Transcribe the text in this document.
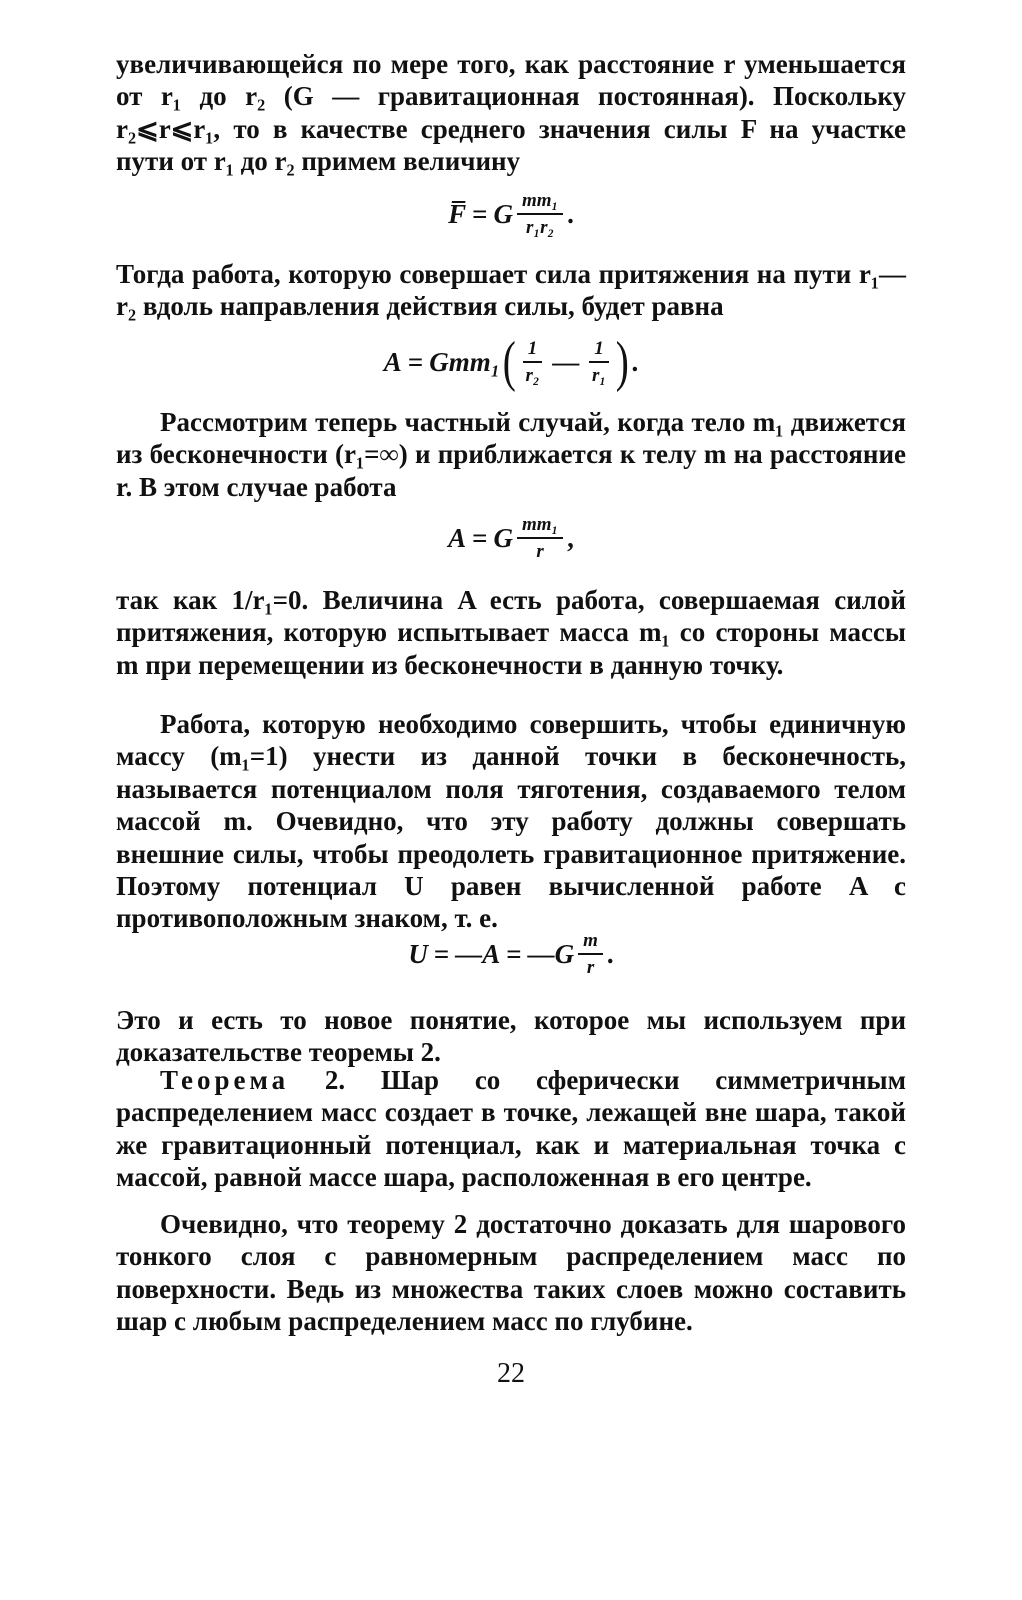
увеличивающейся по мере того, как расстояние r уменьшается от r₁ до r₂ (G — гравитационная постоянная). Поскольку r₂⩽r⩽r₁, то в качестве среднего значения силы F на участке пути от r₁ до r₂ примем величину

F̅ = G $\frac{\text{mm₁}}{\text{r₁r₂}}$ .

Тогда работа, которую совершает сила притяжения на пути r₁—r₂ вдоль направления действия силы, будет равна

A = Gmm₁ ( $\frac{1}{\text{r₂}}$ — $\frac{1}{\text{r₁}}$ ) .

Рассмотрим теперь частный случай, когда тело m₁ движется из бесконечности (r₁=∞) и приближается к телу m на расстояние r. В этом случае работа

A = G $\frac{\text{mm₁}}{r}$ ,

так как 1/r₁=0. Величина A есть работа, совершаемая силой притяжения, которую испытывает масса m₁ со стороны массы m при перемещении из бесконечности в данную точку.

Работа, которую необходимо совершить, чтобы единичную массу (m₁=1) унести из данной точки в бесконечность, называется потенциалом поля тяготения, создаваемого телом массой m. Очевидно, что эту работу должны совершать внешние силы, чтобы преодолеть гравитационное притяжение. Поэтому потенциал U равен вычисленной работе A с противоположным знаком, т. е.

U = —A = —G $\frac{m}{r}$ .

Это и есть то новое понятие, которое мы используем при доказательстве теоремы 2.

Теорема 2. Шар со сферически симметричным распределением масс создает в точке, лежащей вне шара, такой же гравитационный потенциал, как и материальная точка с массой, равной массе шара, расположенная в его центре.

Очевидно, что теорему 2 достаточно доказать для шарового тонкого слоя с равномерным распределением масс по поверхности. Ведь из множества таких слоев можно составить шар с любым распределением масс по глубине.

22
